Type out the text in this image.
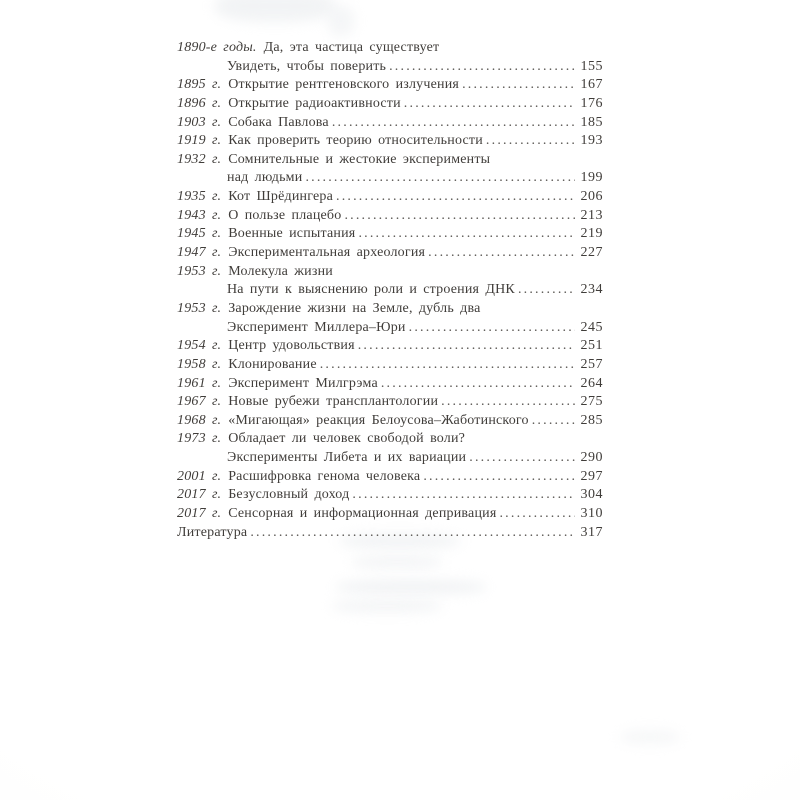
1890-е годы. Да, эта частица существует
Увидеть, чтобы поверить .....	155
1895 г. Открытие рентгеновского излучения .....	167
1896 г. Открытие радиоактивности .....	176
1903 г. Собака Павлова .....	185
1919 г. Как проверить теорию относительности .....	193
1932 г. Сомнительные и жестокие эксперименты
над людьми .....	199
1935 г. Кот Шрёдингера .....	206
1943 г. О пользе плацебо .....	213
1945 г. Военные испытания .....	219
1947 г. Экспериментальная археология .....	227
1953 г. Молекула жизни
На пути к выяснению роли и строения ДНК .....	234
1953 г. Зарождение жизни на Земле, дубль два
Эксперимент Миллера–Юри .....	245
1954 г. Центр удовольствия .....	251
1958 г. Клонирование .....	257
1961 г. Эксперимент Милгрэма .....	264
1967 г. Новые рубежи трансплантологии .....	275
1968 г. «Мигающая» реакция Белоусова–Жаботинского .....	285
1973 г. Обладает ли человек свободой воли?
Эксперименты Либета и их вариации .....	290
2001 г. Расшифровка генома человека .....	297
2017 г. Безусловный доход .....	304
2017 г. Сенсорная и информационная депривация .....	310
Литература .....	317
